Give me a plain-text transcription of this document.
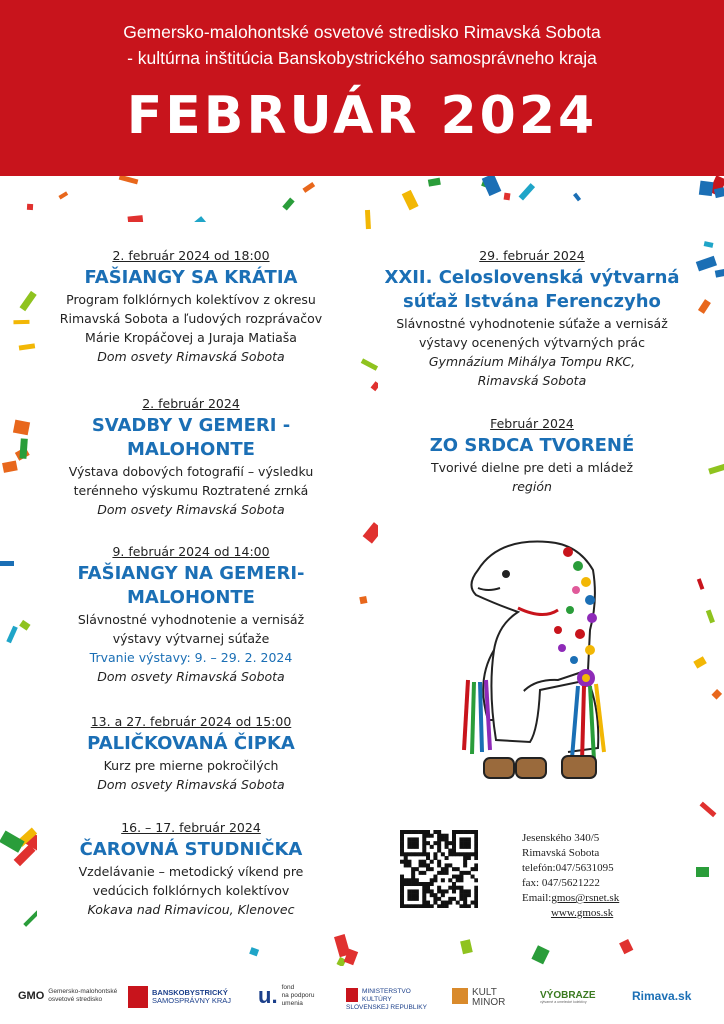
Gemersko-malohontské osvetové stredisko Rimavská Sobota
- kultúrna inštitúcia Banskobystrického samosprávneho kraja
FEBRUÁR 2024
2. február 2024 od 18:00
FAŠIANGY SA KRÁTIA
Program folklórnych kolektívov z okresu
Rimavská Sobota a ľudových rozprávačov
Márie Kropáčovej a Juraja Matiaša
Dom osvety Rimavská Sobota
2. február 2024
SVADBY V GEMERI -
MALOHONTE
Výstava dobových fotografií – výsledku
terénneho výskumu Roztratené zrnká
Dom osvety Rimavská Sobota
9. február 2024 od 14:00
FAŠIANGY NA GEMERI-
MALOHONTE
Slávnostné vyhodnotenie a vernisáž
výstavy výtvarnej súťaže
Trvanie výstavy: 9. – 29. 2. 2024
Dom osvety Rimavská Sobota
13. a 27. február 2024 od 15:00
PALIČKOVANÁ ČIPKA
Kurz pre mierne pokročilých
Dom osvety Rimavská Sobota
16. – 17. február 2024
ČAROVNÁ STUDNIČKA
Vzdelávanie – metodický víkend pre
vedúcich folklórnych kolektívov
Kokava nad Rimavicou, Klenovec
29. február 2024
XXII. Celoslovenská výtvarná
súťaž Istvána Ferenczyho
Slávnostné vyhodnotenie súťaže a vernisáž
výstavy ocenených výtvarných prác
Gymnázium Mihálya Tompu RKC,
Rimavská Sobota
Február 2024
ZO SRDCA TVORENÉ
Tvorivé dielne pre deti a mládež
región
Jesenského 340/5
Rimavská Sobota
telefón:047/5631095
fax: 047/5621222
Email:gmos@rsnet.sk
www.gmos.sk
GMO Gemersko-malohontské
osvetové stredisko
BANSKOBYSTRICKÝ
SAMOSPRÁVNY KRAJ	u. fond
na podporu
umenia
MINISTERSTVO
KULTÚRY
SLOVENSKEJ REPUBLIKY
KULT
MINOR
VÝOBRAZE
výtvarné a umelecké kolektívy	Rimava.sk
